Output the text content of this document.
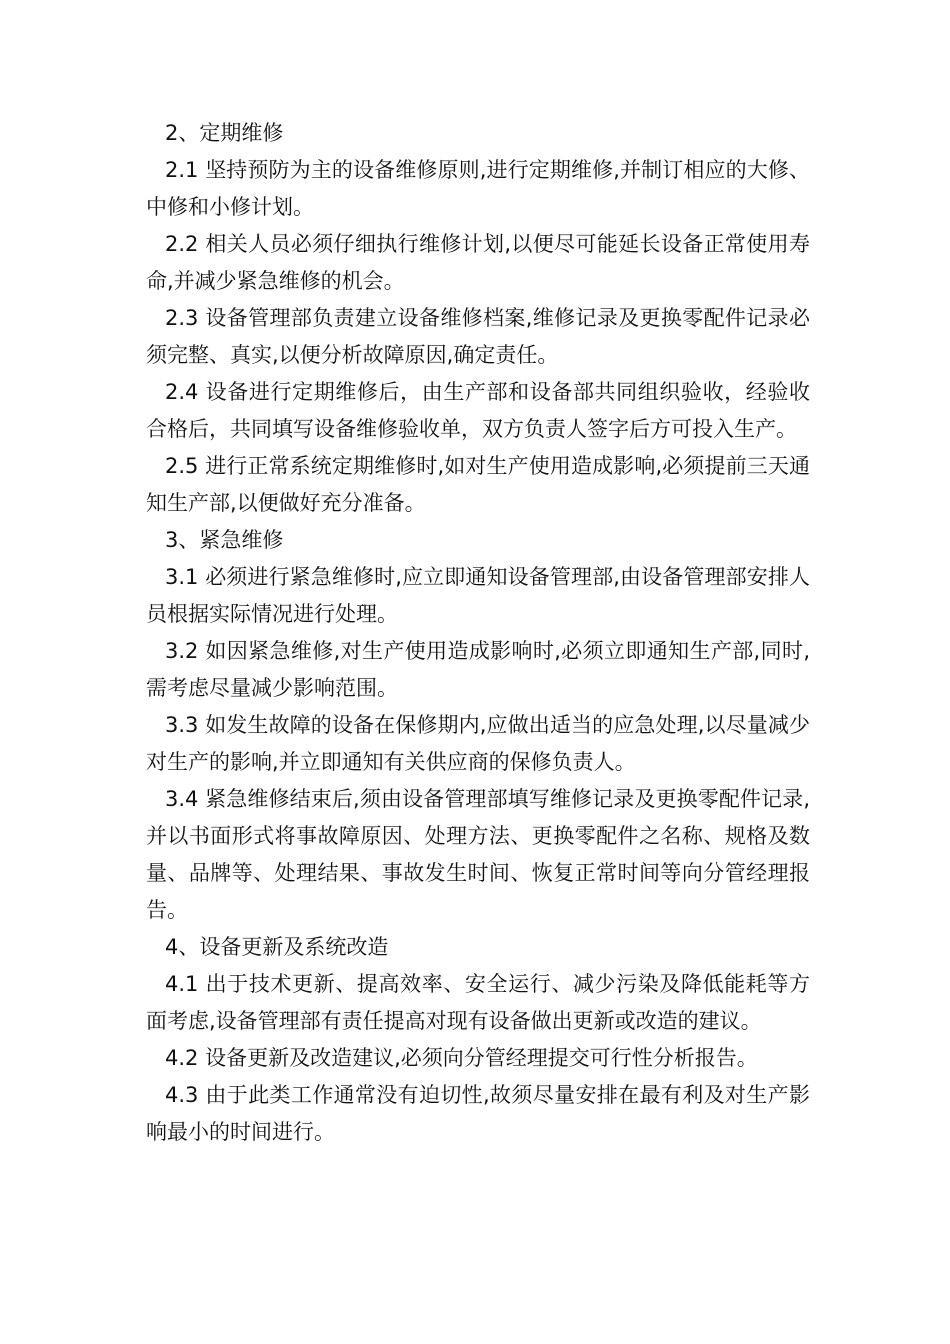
2、定期维修

2.1 坚持预防为主的设备维修原则,进行定期维修,并制订相应的大修、中修和小修计划。

2.2 相关人员必须仔细执行维修计划,以便尽可能延长设备正常使用寿命,并减少紧急维修的机会。

2.3 设备管理部负责建立设备维修档案,维修记录及更换零配件记录必须完整、真实,以便分析故障原因,确定责任。

2.4 设备进行定期维修后，由生产部和设备部共同组织验收，经验收合格后，共同填写设备维修验收单，双方负责人签字后方可投入生产。

2.5 进行正常系统定期维修时,如对生产使用造成影响,必须提前三天通知生产部,以便做好充分准备。

3、紧急维修

3.1 必须进行紧急维修时,应立即通知设备管理部,由设备管理部安排人员根据实际情况进行处理。

3.2 如因紧急维修,对生产使用造成影响时,必须立即通知生产部,同时,需考虑尽量减少影响范围。

3.3 如发生故障的设备在保修期内,应做出适当的应急处理,以尽量减少对生产的影响,并立即通知有关供应商的保修负责人。

3.4 紧急维修结束后,须由设备管理部填写维修记录及更换零配件记录,并以书面形式将事故障原因、处理方法、更换零配件之名称、规格及数量、品牌等、处理结果、事故发生时间、恢复正常时间等向分管经理报告。

4、设备更新及系统改造

4.1 出于技术更新、提高效率、安全运行、减少污染及降低能耗等方面考虑,设备管理部有责任提高对现有设备做出更新或改造的建议。

4.2 设备更新及改造建议,必须向分管经理提交可行性分析报告。

4.3 由于此类工作通常没有迫切性,故须尽量安排在最有利及对生产影响最小的时间进行。
